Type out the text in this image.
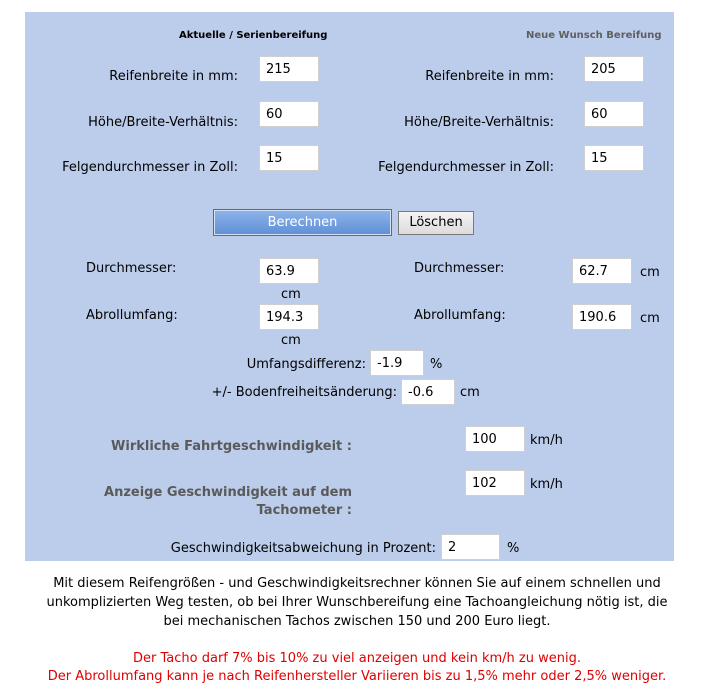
Aktuelle / Serienbereifung	Neue Wunsch Bereifung
Reifenbreite in mm:
215
Höhe/Breite-Verhältnis:
60
Felgendurchmesser in Zoll:
15
Reifenbreite in mm:
205
Höhe/Breite-Verhältnis:
60
Felgendurchmesser in Zoll:
15
Berechnen	Löschen
Durchmesser:
63.9
cm
Abrollumfang:
194.3
cm
Durchmesser:
62.7	cm
Abrollumfang:
190.6	cm
Umfangsdifferenz:
-1.9	%
+/- Bodenfreiheitsänderung:
-0.6	cm
Wirkliche Fahrtgeschwindigkeit :
100	km/h
Anzeige Geschwindigkeit auf dem
Tachometer :
102
km/h
Geschwindigkeitsabweichung in Prozent:
2	%
Mit diesem Reifengrößen - und Geschwindigkeitsrechner können Sie auf einem schnellen und
unkomplizierten Weg testen, ob bei Ihrer Wunschbereifung eine Tachoangleichung nötig ist, die
bei mechanischen Tachos zwischen 150 und 200 Euro liegt.
Der Tacho darf 7% bis 10% zu viel anzeigen und kein km/h zu wenig.
Der Abrollumfang kann je nach Reifenhersteller Variieren bis zu 1,5% mehr oder 2,5% weniger.
